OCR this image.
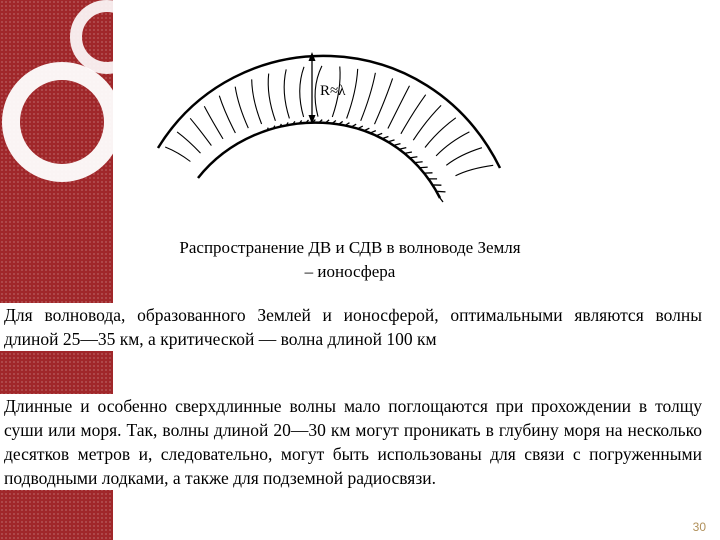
R≈λ
Распространение ДВ и СДВ в волноводе Земля
– ионосфера
Для волновода, образованного Землей и ионосферой, оптимальными являются волны длиной 25—35 км, а критической — волна длиной 100 км
Длинные и особенно сверхдлинные волны мало поглощаются при прохождении в толщу суши или моря. Так, волны длиной 20—30 км могут проникать в глубину моря на несколько десятков метров и, следовательно, могут быть использованы для связи с погруженными подводными лодками, а также для подземной радиосвязи.
30
